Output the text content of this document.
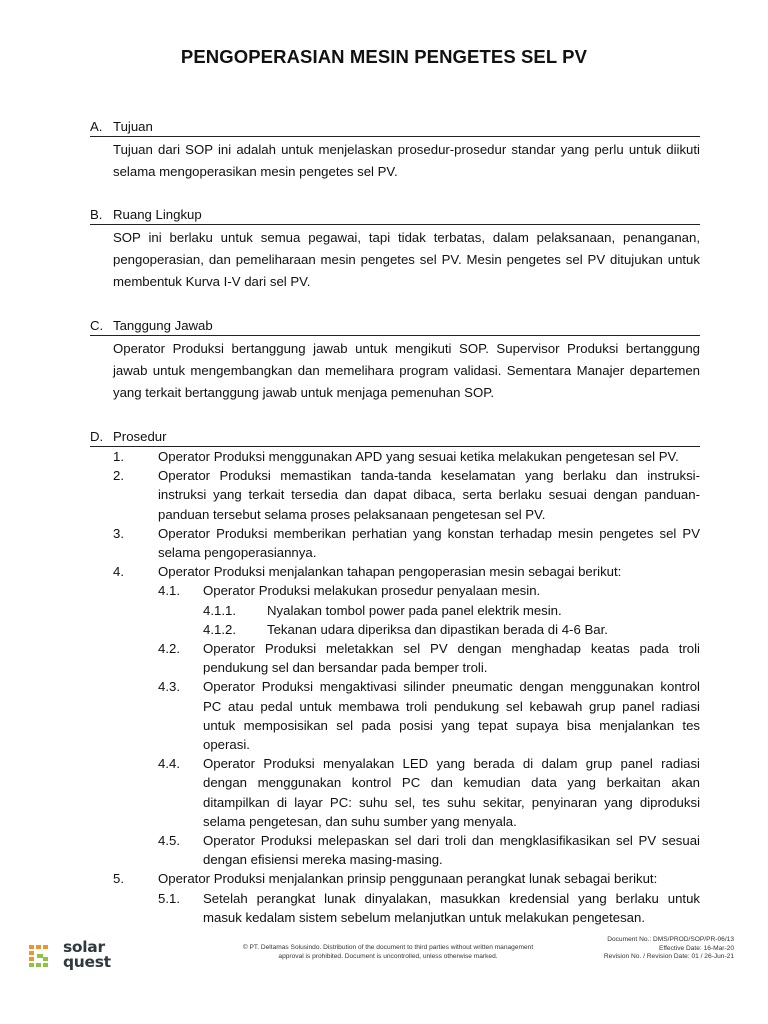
PENGOPERASIAN MESIN PENGETES SEL PV
A. Tujuan
Tujuan dari SOP ini adalah untuk menjelaskan prosedur-prosedur standar yang perlu untuk diikuti selama mengoperasikan mesin pengetes sel PV.
B. Ruang Lingkup
SOP ini berlaku untuk semua pegawai, tapi tidak terbatas, dalam pelaksanaan, penanganan, pengoperasian, dan pemeliharaan mesin pengetes sel PV. Mesin pengetes sel PV ditujukan untuk membentuk Kurva I-V dari sel PV.
C. Tanggung Jawab
Operator Produksi bertanggung jawab untuk mengikuti SOP. Supervisor Produksi bertanggung jawab untuk mengembangkan dan memelihara program validasi. Sementara Manajer departemen yang terkait bertanggung jawab untuk menjaga pemenuhan SOP.
D. Prosedur
1.	Operator Produksi menggunakan APD yang sesuai ketika melakukan pengetesan sel PV.
2.	Operator Produksi memastikan tanda-tanda keselamatan yang berlaku dan instruksi-instruksi yang terkait tersedia dan dapat dibaca, serta berlaku sesuai dengan panduan-panduan tersebut selama proses pelaksanaan pengetesan sel PV.
3.	Operator Produksi memberikan perhatian yang konstan terhadap mesin pengetes sel PV selama pengoperasiannya.
4.	Operator Produksi menjalankan tahapan pengoperasian mesin sebagai berikut:
4.1.	Operator Produksi melakukan prosedur penyalaan mesin.
4.1.1.	Nyalakan tombol power pada panel elektrik mesin.
4.1.2.	Tekanan udara diperiksa dan dipastikan berada di 4-6 Bar.
4.2.	Operator Produksi meletakkan sel PV dengan menghadap keatas pada troli pendukung sel dan bersandar pada bemper troli.
4.3.	Operator Produksi mengaktivasi silinder pneumatic dengan menggunakan kontrol PC atau pedal untuk membawa troli pendukung sel kebawah grup panel radiasi untuk memposisikan sel pada posisi yang tepat supaya bisa menjalankan tes operasi.
4.4.	Operator Produksi menyalakan LED yang berada di dalam grup panel radiasi dengan menggunakan kontrol PC dan kemudian data yang berkaitan akan ditampilkan di layar PC: suhu sel, tes suhu sekitar, penyinaran yang diproduksi selama pengetesan, dan suhu sumber yang menyala.
4.5.	Operator Produksi melepaskan sel dari troli dan mengklasifikasikan sel PV sesuai dengan efisiensi mereka masing-masing.
5.	Operator Produksi menjalankan prinsip penggunaan perangkat lunak sebagai berikut:
5.1.	Setelah perangkat lunak dinyalakan, masukkan kredensial yang berlaku untuk masuk kedalam sistem sebelum melanjutkan untuk melakukan pengetesan.
solar
quest
© PT. Deltamas Solusindo. Distribution of the document to third parties without written management
approval is prohibited. Document is uncontrolled, unless otherwise marked.
Document No.: DMS/PROD/SOP/PR-06/13
Effective Date: 16-Mar-20
Revision No. / Revision Date: 01 / 26-Jun-21
